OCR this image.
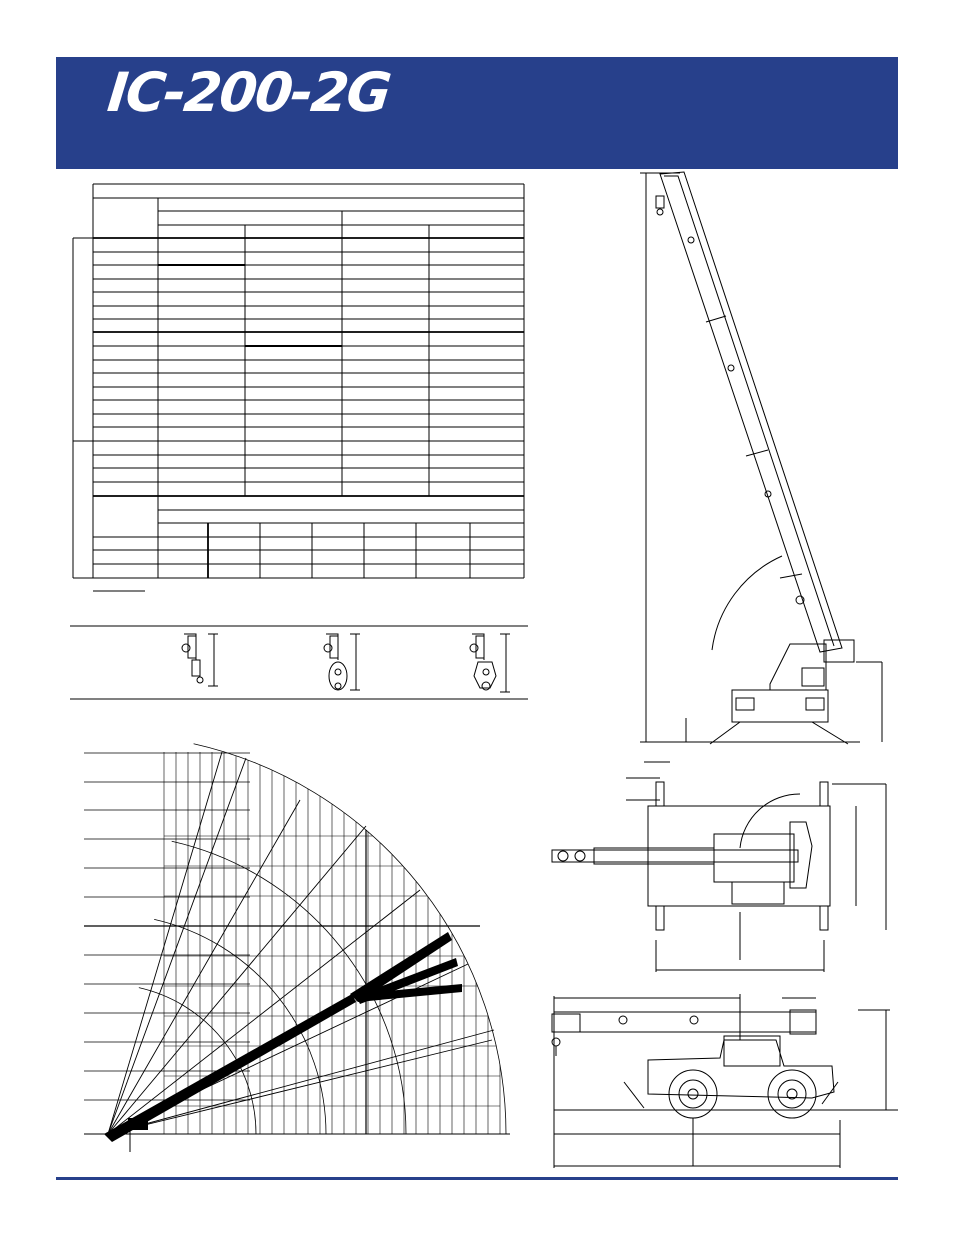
IC-200-2G
